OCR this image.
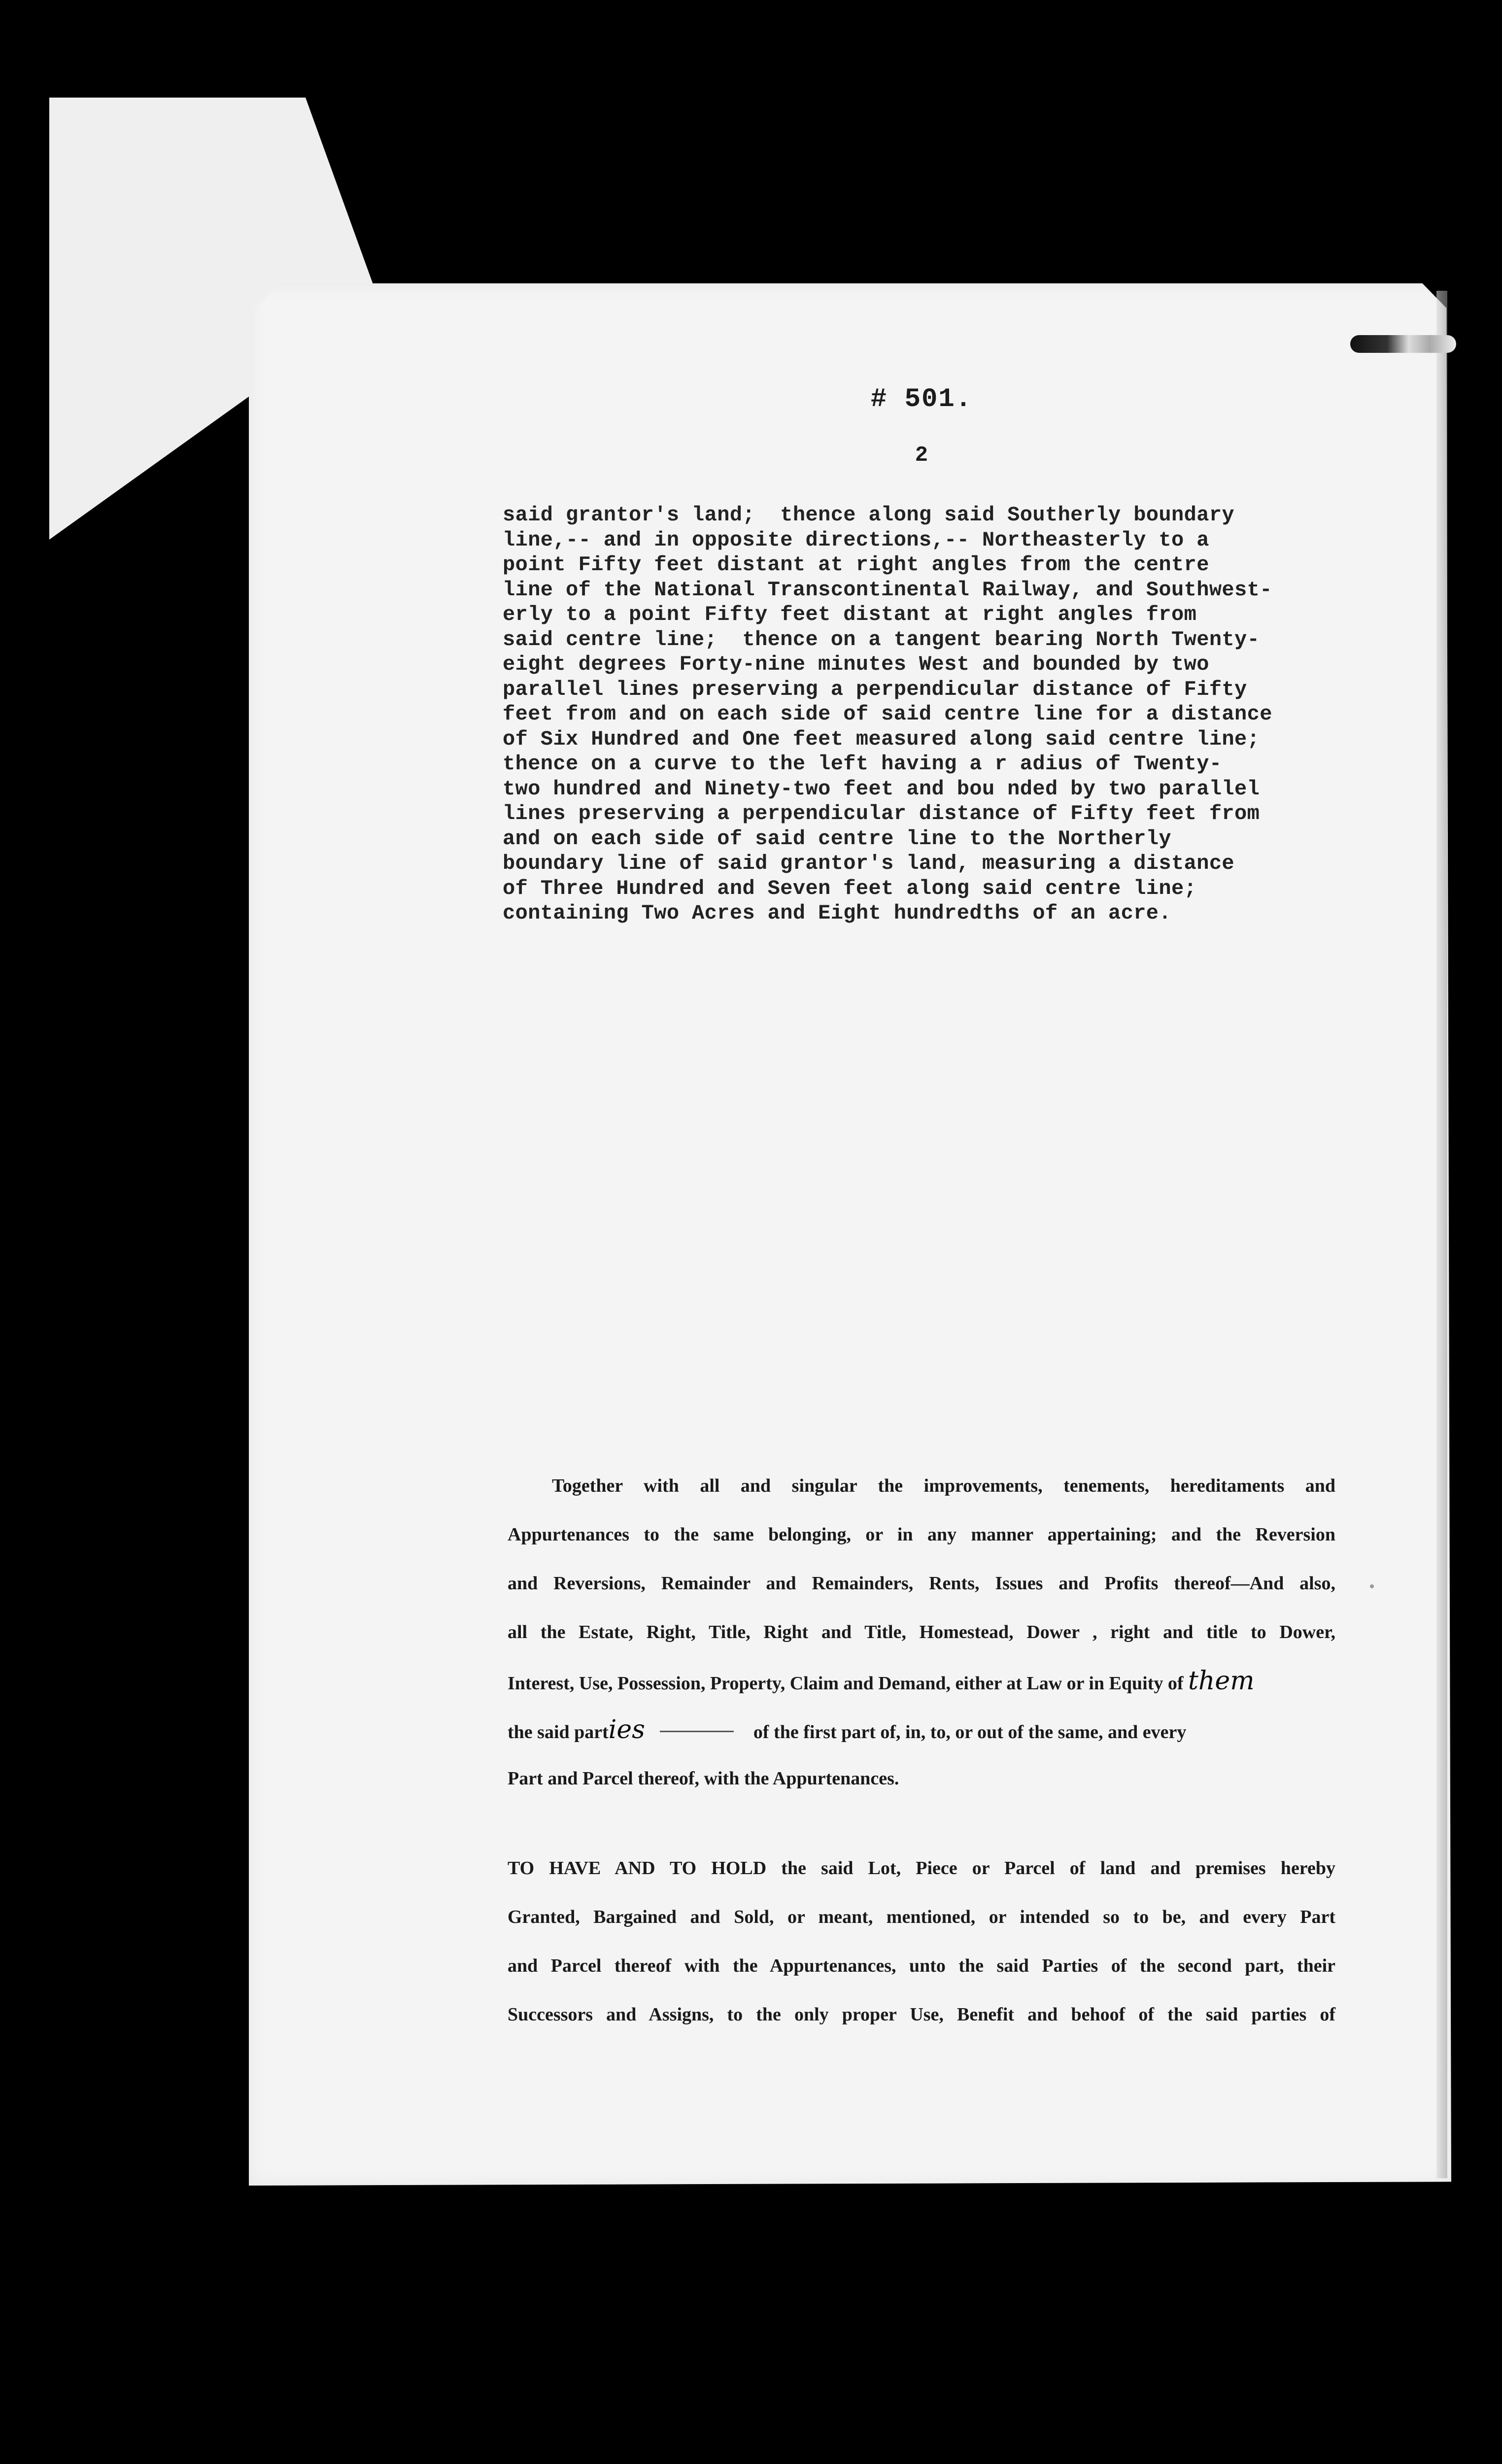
# 501.
2
said grantor's land;  thence along said Southerly boundary
line,-- and in opposite directions,-- Northeasterly to a
point Fifty feet distant at right angles from the centre
line of the National Transcontinental Railway, and Southwest-
erly to a point Fifty feet distant at right angles from
said centre line;  thence on a tangent bearing North Twenty-
eight degrees Forty-nine minutes West and bounded by two
parallel lines preserving a perpendicular distance of Fifty
feet from and on each side of said centre line for a distance
of Six Hundred and One feet measured along said centre line;
thence on a curve to the left having a r adius of Twenty-
two hundred and Ninety-two feet and bou nded by two parallel
lines preserving a perpendicular distance of Fifty feet from
and on each side of said centre line to the Northerly
boundary line of said grantor's land, measuring a distance
of Three Hundred and Seven feet along said centre line;
containing Two Acres and Eight hundredths of an acre.
Together with all and singular the improvements, tenements, hereditaments and
Appurtenances to the same belonging, or in any manner appertaining; and the Reversion
and Reversions, Remainder and Remainders, Rents, Issues and Profits thereof—And also,
all the Estate, Right, Title, Right and Title, Homestead, Dower , right and title to Dower,
Interest, Use, Possession, Property, Claim and Demand, either at Law or in Equity of them
the said parties	of the first part of, in, to, or out of the same, and every
Part and Parcel thereof, with the Appurtenances.
TO HAVE AND TO HOLD the said Lot, Piece or Parcel of land and premises hereby
Granted, Bargained and Sold, or meant, mentioned, or intended so to be, and every Part
and Parcel thereof with the Appurtenances, unto the said Parties of the second part, their
Successors and Assigns, to the only proper Use, Benefit and behoof of the said parties of
